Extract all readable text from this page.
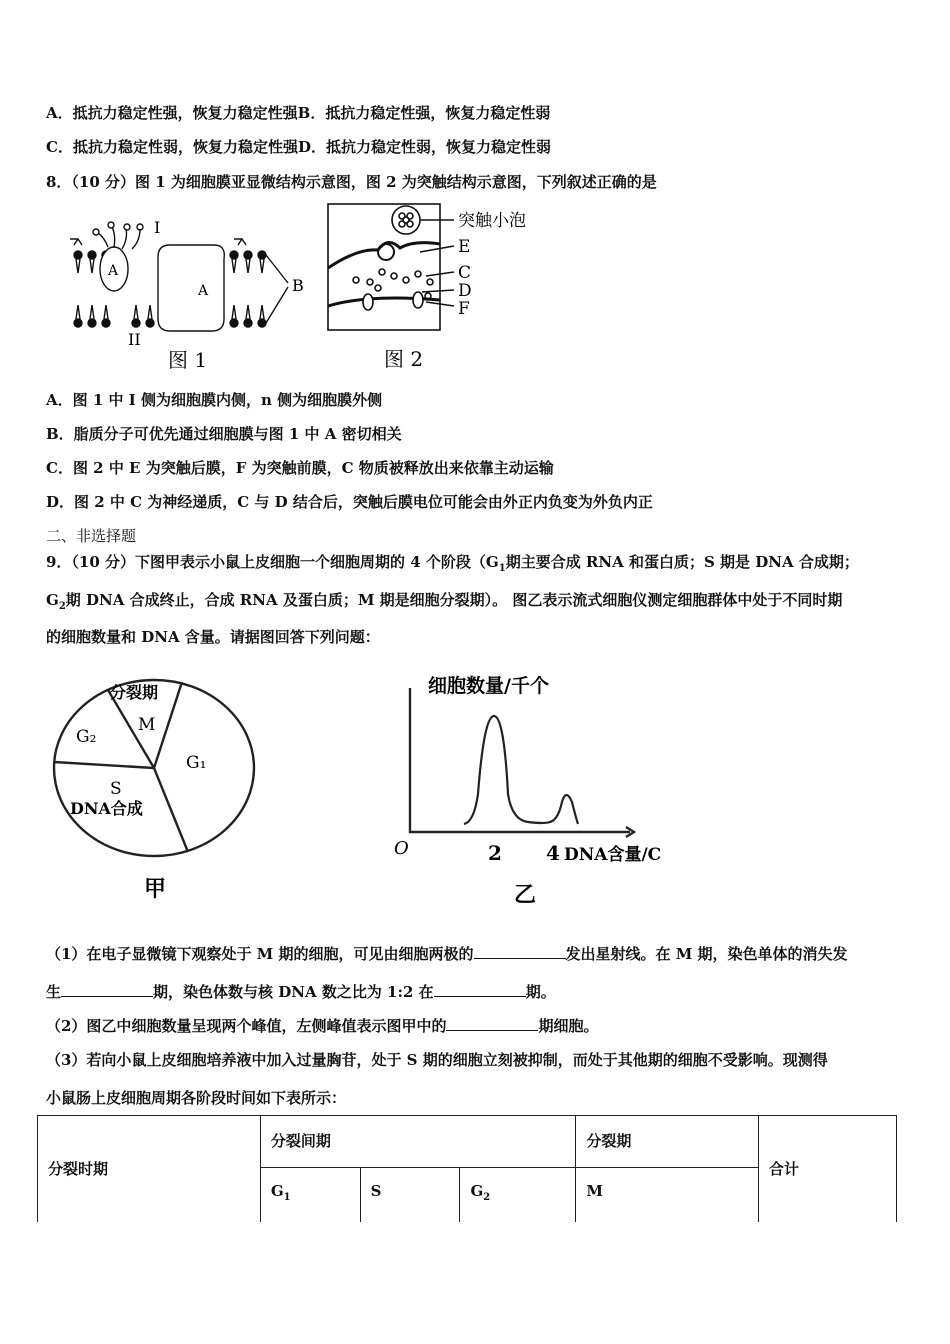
A．抵抗力稳定性强，恢复力稳定性强B．抵抗力稳定性强，恢复力稳定性弱
C．抵抗力稳定性弱，恢复力稳定性强D．抵抗力稳定性弱，恢复力稳定性弱
8．（10 分）图 1 为细胞膜亚显微结构示意图，图 2 为突触结构示意图，下列叙述正确的是
I
A
A	B
II
图 1
突触小泡
E
C
D
F
图 2
A．图 1 中 I 侧为细胞膜内侧，n 侧为细胞膜外侧
B．脂质分子可优先通过细胞膜与图 1 中 A 密切相关
C．图 2 中 E 为突触后膜，F 为突触前膜，C 物质被释放出来依靠主动运输
D．图 2 中 C 为神经递质，C 与 D 结合后，突触后膜电位可能会由外正内负变为外负内正
二、非选择题
9．（10 分）下图甲表示小鼠上皮细胞一个细胞周期的 4 个阶段（$G_1$期主要合成 RNA 和蛋白质；S 期是 DNA 合成期；
$G_2$期 DNA 合成终止，合成 RNA 及蛋白质；M 期是细胞分裂期）。 图乙表示流式细胞仪测定细胞群体中处于不同时期
的细胞数量和 DNA 含量。请据图回答下列问题：
分裂期
M
G₂
G₁
S
DNA合成
甲
细胞数量/千个
O	2 4 DNA含量/C
乙
（1）在电子显微镜下观察处于 M 期的细胞，可见由细胞两极的	发出星射线。在 M 期，染色单体的消失发
生	期，染色体数与核 DNA 数之比为 1:2 在	期。
（2）图乙中细胞数量呈现两个峰值，左侧峰值表示图甲中的	期细胞。
（3）若向小鼠上皮细胞培养液中加入过量胸苷，处于 S 期的细胞立刻被抑制，而处于其他期的细胞不受影响。现测得
小鼠肠上皮细胞周期各阶段时间如下表所示：
分裂时期	分裂间期			分裂期	合计
	$G_1$	S	$G_2$	M	
